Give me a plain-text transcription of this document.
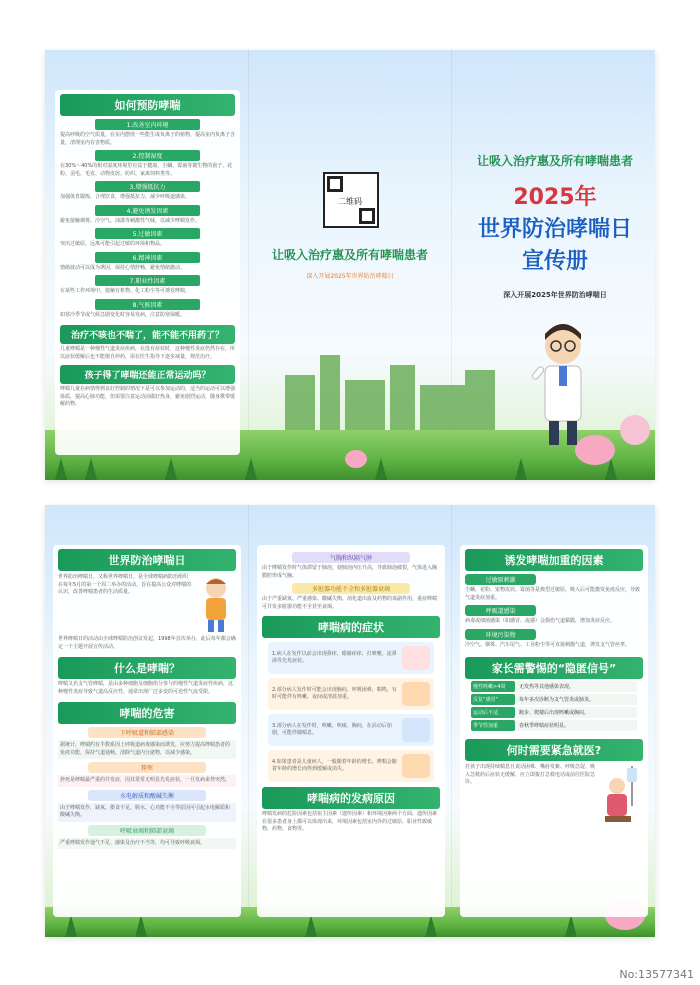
如何预防哮喘
1.改善室内环境
提高呼吸的空气质量，在室内摆放一些能生成负离子的植物，提高室内负离子含量，清理室内有害物质。
2.控制湿度
在30%～40%的相对湿度环境里有益于健康，尘螨、霉菌等微生物的孢子、花粉、羽毛、毛发、动物皮屑、纺织、家禽饲料类等。
3.增强抵抗力
加强体育锻炼，合理饮食，增强抵抗力，减少呼吸道感染。
4.避免诱发因素
避免接触烟雾、冷空气、油漆等刺激性气味，以减少哮喘发作。
5.过敏因素
突出过敏原，远离可能引起过敏的环境和物品。
6.精神因素
情绪波动可以成为诱因，保持心情舒畅，避免情绪激动。
7.职业性因素
在某些工作环境中，接触有机物、化工粉尘等可诱发哮喘。
8.气候因素
如寒冷季节或气候急剧变化时容易发病，注意防寒保暖。
治疗不咳也不喘了，能不能不用药了？
儿童哮喘是一种慢性气道炎症疾病，在没有症状时，这种慢性炎症仍然存在，所以症状缓解后也不能擅自停药，需在医生指导下逐步减量，规范治疗。
孩子得了哮喘还能正常运动吗？
哮喘儿童在病情得到良好控制的情况下是可以参加运动的，适当的运动可以增强体质，提高心肺功能，但需要注意运动前做好热身，避免剧烈运动，随身携带缓解药物。
二维码
让吸入治疗惠及所有哮喘患者
深入开展2025年世界防治哮喘日
让吸入治疗惠及所有哮喘患者
2025年
世界防治哮喘日
宣传册
深入开展2025年世界防治哮喘日
世界防治哮喘日
世界防治哮喘日，又称世界哮喘日，是全球哮喘病防治组织在每年5月的第一个周二举办的活动，旨在提高公众对哮喘的认识，改善哮喘患者的生活质量。
世界哮喘日的活动由全球哮喘防治创议发起，1998年首次举办，此后每年都会确定一个主题开展宣传活动。
什么是哮喘？
哮喘又名支气管哮喘，是由多种细胞及细胞组分参与的慢性气道炎症性疾病，这种慢性炎症导致气道高反应性，通常出现广泛多变的可逆性气流受限。
哮喘的危害
下呼吸道和肺部感染
据统计，哮喘约有半数系因上呼吸道病毒感染而诱发，应努力提高哮喘患者的免疫功能，保持气道通畅，清除气道内分泌物，以减少感染。
猝死
猝死是哮喘最严重的并发症，因其常常无明显先兆症状，一旦发病来势突然。
水电解质和酸碱失衡
由于哮喘发作，缺氧、摄食不足、脱水、心功能不全等原因可引起水电解质和酸碱失衡。
呼吸衰竭和肺部衰竭
严重哮喘发作通气不足、感染及治疗不当等，均可导致呼吸衰竭。
气胸和纵隔气肿
由于哮喘发作时气体滞留于肺泡，使肺泡内压升高，导致肺泡破裂，气体进入胸膜腔形成气胸。
多脏器功能不全和多脏器衰竭
由于严重缺氧、严重感染、酸碱失衡、消化道出血及药物的毒副作用，重症哮喘可并发多脏器功能不全甚至衰竭。
哮喘病的症状
1.病人在发作以前会出现鼻痒、眼睛痒痒、打喷嚏、流鼻涕等先兆症状。
2.部分病人发作时可能会出现胸闷、呼吸困难、喘鸣，有时可能伴有咳嗽，夜间或清晨加重。
3.部分病人在发作时，咳嗽、咳痰、胸闷，在活动后加剧，可能伴随喘息。
4.如果患者是儿童病人，一般随着年龄的增长，哮喘会随着年龄的增长而得到缓解或消失。
哮喘病的发病原因
哮喘发病的危险因素包括宿主因素（遗传因素）和环境因素两个方面。遗传因素在很多患者身上都可以体现出来，环境因素包括室内外的过敏原、职业性致敏物、药物、食物等。
诱发哮喘加重的因素
过敏原刺激
尘螨、花粉、宠物皮屑、霉菌等是典型过敏原，吸入后可能激发免疫反应，导致气道炎症加重。
呼吸道感染
病毒或细菌感染（如感冒、流感）会损伤气道黏膜，增加炎症反应。
环境污染物
冷空气、烟雾、汽车尾气、工业粉尘等可直接刺激气道，诱发支气管痉挛。
家长需警惕的“隐匿信号”
慢性咳嗽>4周	无发热等其他感染表现。
反复“感冒”	每年多次诊断为支气管炎或肺炎。
运动后不适	跑步、爬楼后出现咳嗽或胸闷。
季节性加重	春秋季哮喘症状明显。
何时需要紧急就医?
若孩子出现持续喘息且说话困难、嘴唇发紫、呼吸急促、吸入急救药后症状无缓解，应立即拨打急救电话或前往医院急诊。
No:13577341
